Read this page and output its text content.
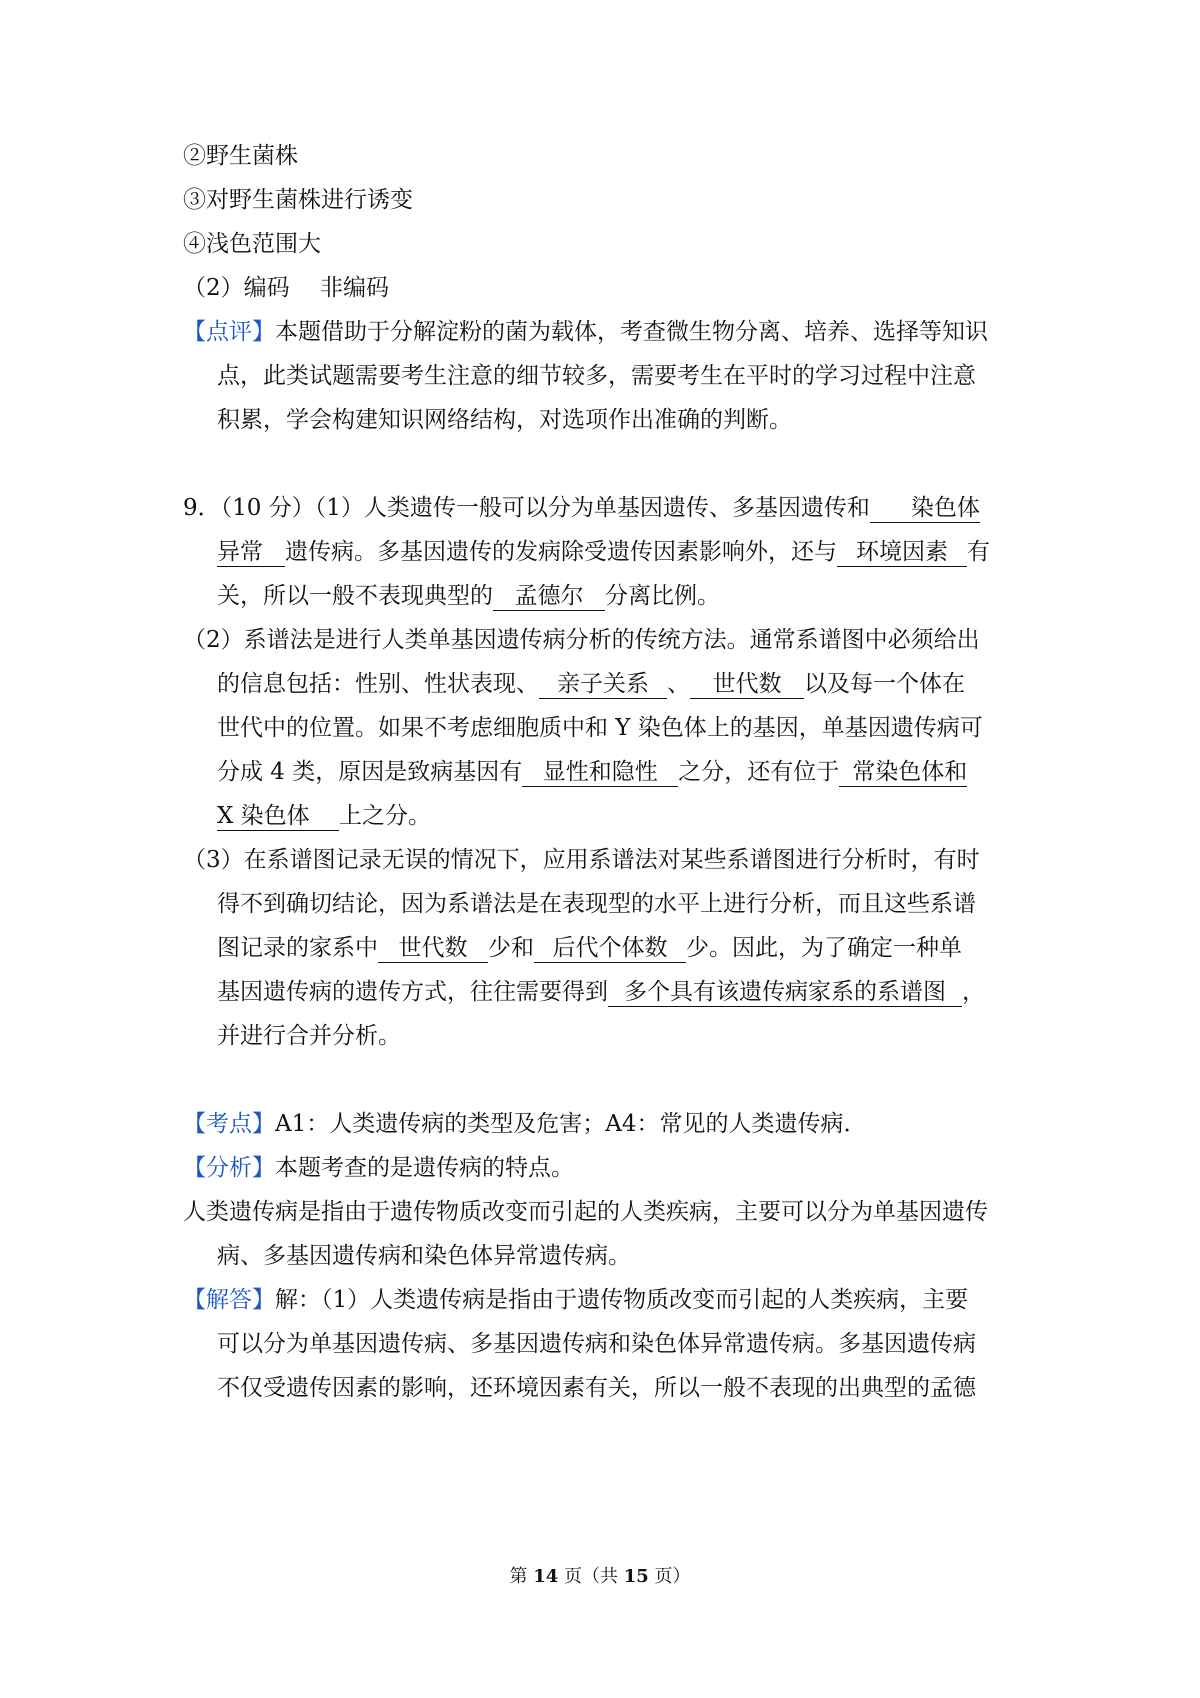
②野生菌株
③对野生菌株进行诱变
④浅色范围大
（2）编码　 非编码
【点评】本题借助于分解淀粉的菌为载体，考查微生物分离、培养、选择等知识
点，此类试题需要考生注意的细节较多，需要考生在平时的学习过程中注意
积累，学会构建知识网络结构，对选项作出准确的判断。
9．（10 分）（1）人类遗传一般可以分为单基因遗传、多基因遗传和 染色体
异常 遗传病。多基因遗传的发病除受遗传因素影响外，还与 环境因素 有
关，所以一般不表现典型的 孟德尔 分离比例。
（2）系谱法是进行人类单基因遗传病分析的传统方法。通常系谱图中必须给出
的信息包括：性别、性状表现、 亲子关系 、 世代数 以及每一个体在
世代中的位置。如果不考虑细胞质中和 Y 染色体上的基因，单基因遗传病可
分成 4 类，原因是致病基因有 显性和隐性 之分，还有位于 常染色体和
X 染色体 上之分。
（3）在系谱图记录无误的情况下，应用系谱法对某些系谱图进行分析时，有时
得不到确切结论，因为系谱法是在表现型的水平上进行分析，而且这些系谱
图记录的家系中 世代数 少和 后代个体数 少。因此，为了确定一种单
基因遗传病的遗传方式，往往需要得到 多个具有该遗传病家系的系谱图 ，
并进行合并分析。
【考点】A1：人类遗传病的类型及危害；A4：常见的人类遗传病．
【分析】本题考查的是遗传病的特点。
人类遗传病是指由于遗传物质改变而引起的人类疾病，主要可以分为单基因遗传
病、多基因遗传病和染色体异常遗传病。
【解答】解：（1）人类遗传病是指由于遗传物质改变而引起的人类疾病，主要
可以分为单基因遗传病、多基因遗传病和染色体异常遗传病。多基因遗传病
不仅受遗传因素的影响，还环境因素有关，所以一般不表现的出典型的孟德
第 14 页（共 15 页）
